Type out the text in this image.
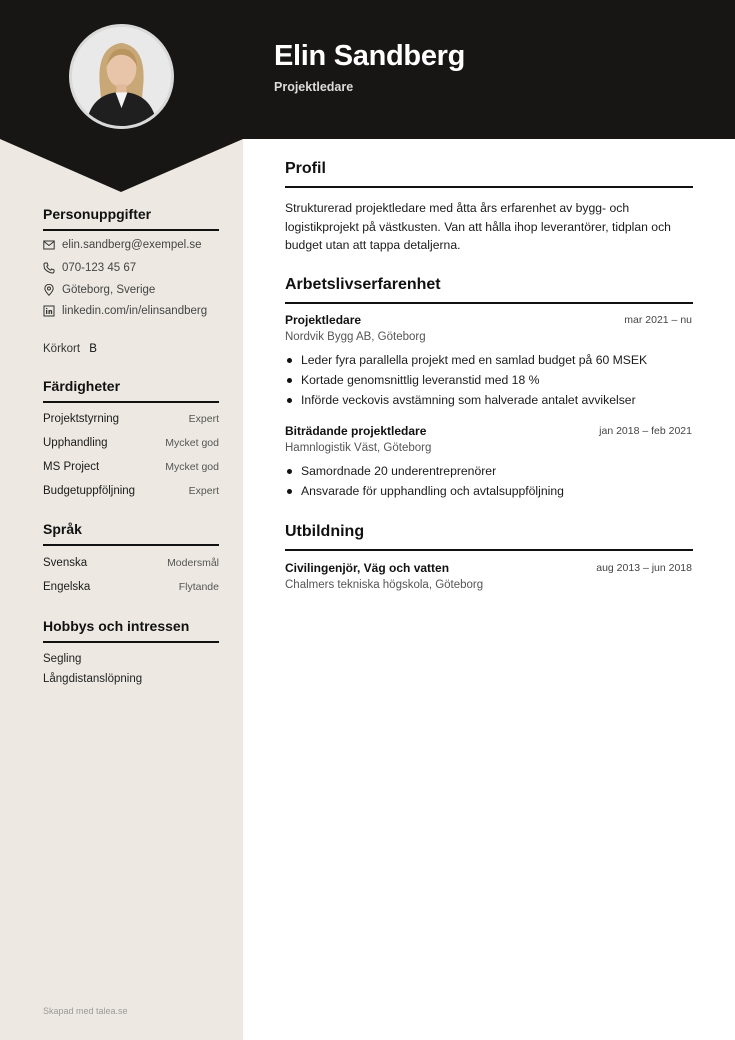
Elin Sandberg
Projektledare
Personuppgifter
elin.sandberg@exempel.se
070-123 45 67
Göteborg, Sverige
linkedin.com/in/elinsandberg
Körkort B
Färdigheter
Projektstyrning	Expert
Upphandling	Mycket god
MS Project	Mycket god
Budgetuppföljning	Expert
Språk
Svenska	Modersmål
Engelska	Flytande
Hobbys och intressen
Segling
Långdistanslöpning
Skapad med talea.se
Profil
Strukturerad projektledare med åtta års erfarenhet av bygg- och logistikprojekt på västkusten. Van att hålla ihop leverantörer, tidplan och budget utan att tappa detaljerna.
Arbetslivserfarenhet
Projektledare	mar 2021 – nu
Nordvik Bygg AB, Göteborg
Leder fyra parallella projekt med en samlad budget på 60 MSEK
Kortade genomsnittlig leveranstid med 18 %
Införde veckovis avstämning som halverade antalet avvikelser
Biträdande projektledare	jan 2018 – feb 2021
Hamnlogistik Väst, Göteborg
Samordnade 20 underentreprenörer
Ansvarade för upphandling och avtalsuppföljning
Utbildning
Civilingenjör, Väg och vatten	aug 2013 – jun 2018
Chalmers tekniska högskola, Göteborg
